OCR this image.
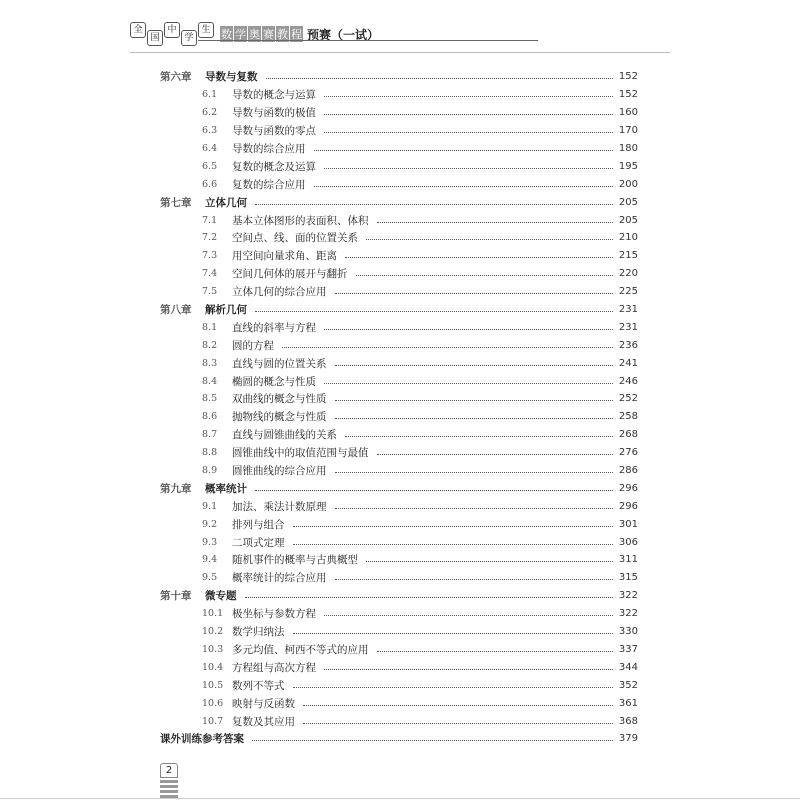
全
国
中
学
生 数 学 奥 赛 教 程 预赛（一试）
第六章	导数与复数	152
6.1	导数的概念与运算	152
6.2	导数与函数的极值	160
6.3	导数与函数的零点	170
6.4	导数的综合应用	180
6.5	复数的概念及运算	195
6.6	复数的综合应用	200
第七章	立体几何	205
7.1	基本立体图形的表面积、体积	205
7.2	空间点、线、面的位置关系	210
7.3	用空间向量求角、距离	215
7.4	空间几何体的展开与翻折	220
7.5	立体几何的综合应用	225
第八章	解析几何	231
8.1	直线的斜率与方程	231
8.2	圆的方程	236
8.3	直线与圆的位置关系	241
8.4	椭圆的概念与性质	246
8.5	双曲线的概念与性质	252
8.6	抛物线的概念与性质	258
8.7	直线与圆锥曲线的关系	268
8.8	圆锥曲线中的取值范围与最值	276
8.9	圆锥曲线的综合应用	286
第九章	概率统计	296
9.1	加法、乘法计数原理	296
9.2	排列与组合	301
9.3	二项式定理	306
9.4	随机事件的概率与古典概型	311
9.5	概率统计的综合应用	315
第十章	微专题	322
10.1 极坐标与参数方程	322
10.2 数学归纳法	330
10.3 多元均值、柯西不等式的应用	337
10.4 方程组与高次方程	344
10.5 数列不等式	352
10.6 映射与反函数	361
10.7 复数及其应用	368
课外训练参考答案	379
2
